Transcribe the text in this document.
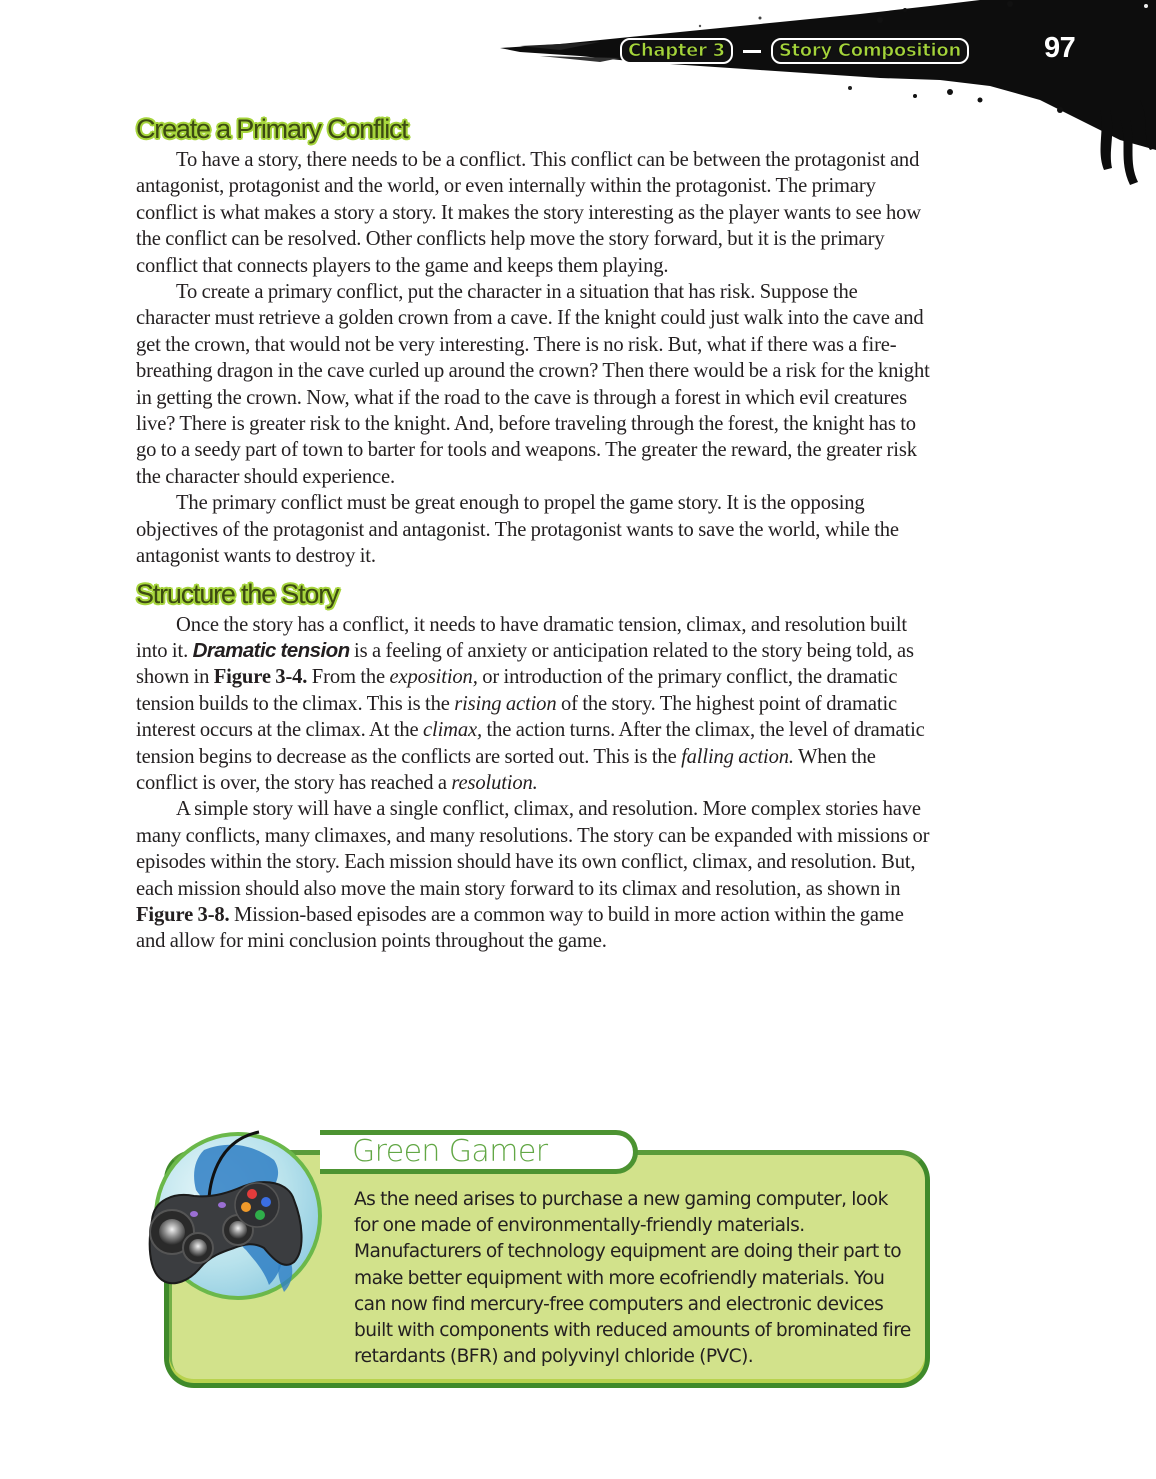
Chapter 3	Story Composition	97
Create a Primary Conflict

To have a story, there needs to be a conflict. This conflict can be between the protagonist and antagonist, protagonist and the world, or even internally within the protagonist. The primary conflict is what makes a story a story. It makes the story interesting as the player wants to see how the conflict can be resolved. Other conflicts help move the story forward, but it is the primary conflict that connects players to the game and keeps them playing.

To create a primary conflict, put the character in a situation that has risk. Suppose the character must retrieve a golden crown from a cave. If the knight could just walk into the cave and get the crown, that would not be very interesting. There is no risk. But, what if there was a fire-breathing dragon in the cave curled up around the crown? Then there would be a risk for the knight in getting the crown. Now, what if the road to the cave is through a forest in which evil creatures live? There is greater risk to the knight. And, before traveling through the forest, the knight has to go to a seedy part of town to barter for tools and weapons. The greater the reward, the greater risk the character should experience.

The primary conflict must be great enough to propel the game story. It is the opposing objectives of the protagonist and antagonist. The protagonist wants to save the world, while the antagonist wants to destroy it.

Structure the Story

Once the story has a conflict, it needs to have dramatic tension, climax, and resolution built into it. Dramatic tension is a feeling of anxiety or anticipation related to the story being told, as shown in Figure 3-4. From the exposition, or introduction of the primary conflict, the dramatic tension builds to the climax. This is the rising action of the story. The highest point of dramatic interest occurs at the climax. At the climax, the action turns. After the climax, the level of dramatic tension begins to decrease as the conflicts are sorted out. This is the falling action. When the conflict is over, the story has reached a resolution.

A simple story will have a single conflict, climax, and resolution. More complex stories have many conflicts, many climaxes, and many resolutions. The story can be expanded with missions or episodes within the story. Each mission should have its own conflict, climax, and resolution. But, each mission should also move the main story forward to its climax and resolution, as shown in Figure 3-8. Mission-based episodes are a common way to build in more action within the game and allow for mini conclusion points throughout the game.

Green Gamer
As the need arises to purchase a new gaming computer, look for one made of environmentally-friendly materials. Manufacturers of technology equipment are doing their part to make better equipment with more ecofriendly materials. You can now find mercury-free computers and electronic devices built with components with reduced amounts of brominated fire retardants (BFR) and polyvinyl chloride (PVC).
